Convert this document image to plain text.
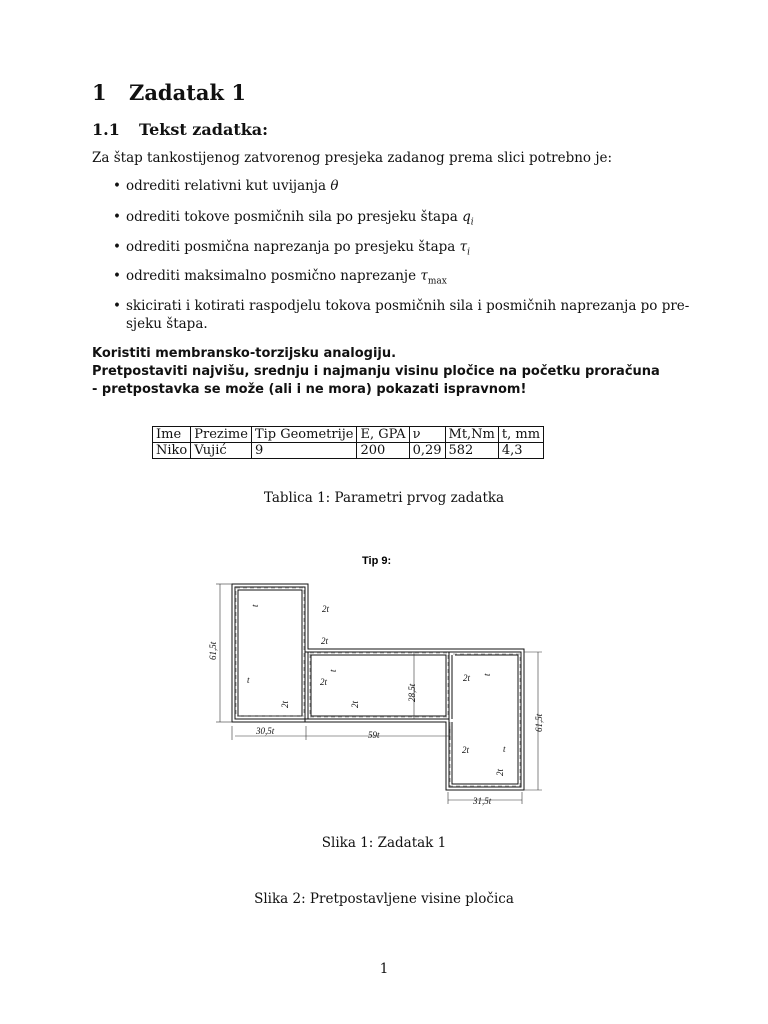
1 Zadatak 1
1.1 Tekst zadatka:
Za štap tankostijenog zatvorenog presjeka zadanog prema slici potrebno je:
• odrediti relativni kut uvijanja θ
• odrediti tokove posmičnih sila po presjeku štapa $q_i$
• odrediti posmična naprezanja po presjeku štapa $\tau_i$
• odrediti maksimalno posmično naprezanje $\tau_{max}$
• skicirati i kotirati raspodjelu tokova posmičnih sila i posmičnih naprezanja po pre-
sjeku štapa.
Koristiti membransko-torzijsku analogiju.
Pretpostaviti najvišu, srednju i najmanju visinu pločice na početku proračuna
- pretpostavka se može (ali i ne mora) pokazati ispravnom!
Ime	Prezime	Tip Geometrije	E, GPA	ν	Mt,Nm	t, mm
Niko	Vujić	9	200	0,29	582	4,3
Tablica 1: Parametri prvog zadatka
Tip 9:
61,5t
28,5t
61,5t
30,5t	59t
31,5t
t	2t
t
2t
t	2t
2t	2t
2t t
2t	t
2t
Slika 1: Zadatak 1
Slika 2: Pretpostavljene visine pločica
1
